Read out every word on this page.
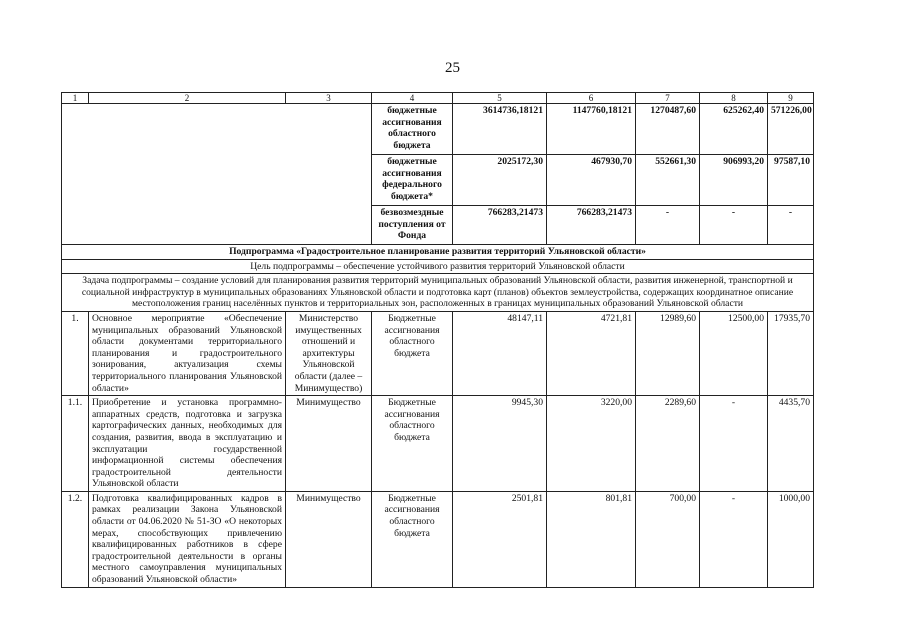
25
1	2	3	4	5	6	7	8	9
			бюджетные ассигнования областного бюджета	3614736,18121	1147760,18121	1270487,60	625262,40	571226,00
			бюджетные ассигнования федерального бюджета*	2025172,30	467930,70	552661,30	906993,20	97587,10
			безвозмездные поступления от Фонда	766283,21473	766283,21473	-	-	-
Подпрограмма «Градостроительное планирование развития территорий Ульяновской области»								
Цель подпрограммы – обеспечение устойчивого развития территорий Ульяновской области								
Задача подпрограммы – создание условий для планирования развития территорий муниципальных образований Ульяновской области, развития инженерной, транспортной и социальной инфраструктур в муниципальных образованиях Ульяновской области и подготовка карт (планов) объектов землеустройства, содержащих координатное описание местоположения границ населённых пунктов и территориальных зон, расположенных в границах муниципальных образований Ульяновской области								
1.	Основное мероприятие «Обеспечение муниципальных образований Ульяновской области документами территориального планирования и градостроительного зонирования, актуализация схемы территориального планирования Ульяновской области»	Министерство имущественных отношений и архитектуры Ульяновской области (далее – Минимущество)	Бюджетные ассигнования областного бюджета	48147,11	4721,81	12989,60	12500,00	17935,70
1.1.	Приобретение и установка программно-аппаратных средств, подготовка и загрузка картографических данных, необходимых для создания, развития, ввода в эксплуатацию и эксплуатации государственной информационной системы обеспечения градостроительной деятельности Ульяновской области	Минимущество	Бюджетные ассигнования областного бюджета	9945,30	3220,00	2289,60	-	4435,70
1.2.	Подготовка квалифицированных кадров в рамках реализации Закона Ульяновской области от 04.06.2020 № 51-ЗО «О некоторых мерах, способствующих привлечению квалифицированных работников в сфере градостроительной деятельности в органы местного самоуправления муниципальных образований Ульяновской области»	Минимущество	Бюджетные ассигнования областного бюджета	2501,81	801,81	700,00	-	1000,00
